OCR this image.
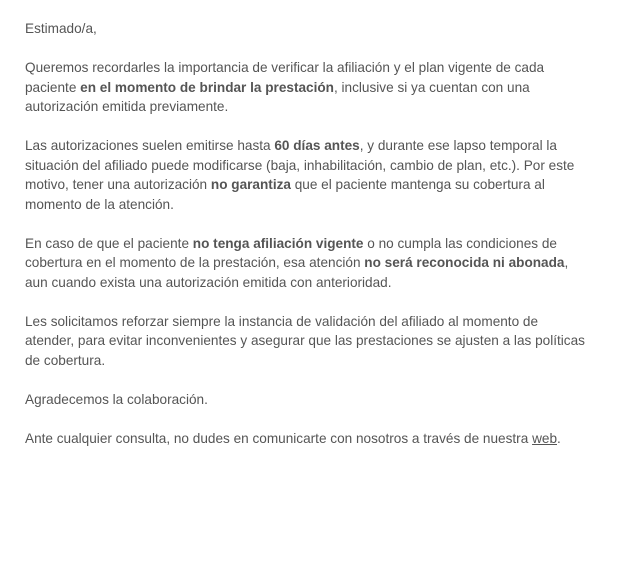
Estimado/a,

Queremos recordarles la importancia de verificar la afiliación y el plan vigente de cada paciente en el momento de brindar la prestación, inclusive si ya cuentan con una autorización emitida previamente.

Las autorizaciones suelen emitirse hasta 60 días antes, y durante ese lapso temporal la situación del afiliado puede modificarse (baja, inhabilitación, cambio de plan, etc.). Por este motivo, tener una autorización no garantiza que el paciente mantenga su cobertura al momento de la atención.

En caso de que el paciente no tenga afiliación vigente o no cumpla las condiciones de cobertura en el momento de la prestación, esa atención no será reconocida ni abonada, aun cuando exista una autorización emitida con anterioridad.

Les solicitamos reforzar siempre la instancia de validación del afiliado al momento de atender, para evitar inconvenientes y asegurar que las prestaciones se ajusten a las políticas de cobertura.

Agradecemos la colaboración.

Ante cualquier consulta, no dudes en comunicarte con nosotros a través de nuestra web.
